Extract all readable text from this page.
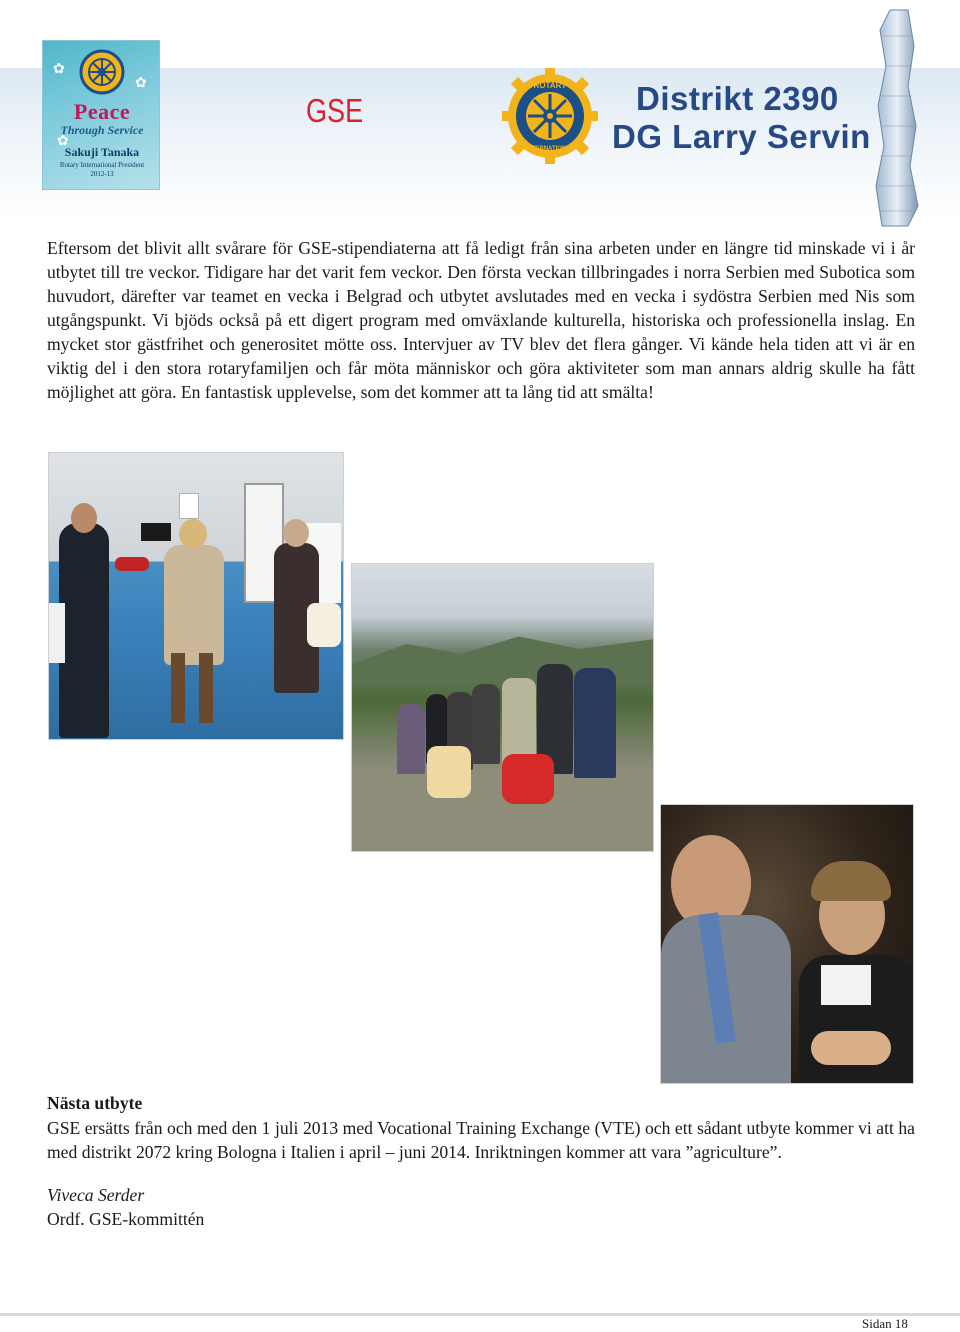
✿
✿
✿
Peace
Through Service
Sakuji Tanaka
Rotary International President
2012-13
GSE
ROTARY
INTERNATIONAL
Distrikt 2390
DG Larry Servin
Eftersom det blivit allt svårare för GSE-stipendiaterna att få ledigt från sina arbeten under en längre tid minskade vi i år utbytet till tre veckor. Tidigare har det varit fem veckor. Den första veckan tillbringades i norra Serbien med Subotica som huvudort, därefter var teamet en vecka i Belgrad och utbytet avslutades med en vecka i sydöstra Serbien med Nis som utgångspunkt. Vi bjöds också på ett digert program med omväxlande kulturella, historiska och professionella inslag. En mycket stor gästfrihet och generositet mötte oss. Intervjuer av TV blev det flera gånger. Vi kände hela tiden att vi är en viktig del i den stora rotaryfamiljen och får möta människor och göra aktiviteter som man annars aldrig skulle ha fått möjlighet att göra. En fantastisk upplevelse, som det kommer att ta lång tid att smälta!
Nästa utbyte
GSE ersätts från och med den 1 juli 2013 med Vocational Training Exchange (VTE) och ett sådant utbyte kommer vi att ha med distrikt 2072 kring Bologna i Italien i april – juni 2014. Inriktningen kommer att vara ”agriculture”.
Viveca Serder
Ordf. GSE-kommittén
Sidan 18
